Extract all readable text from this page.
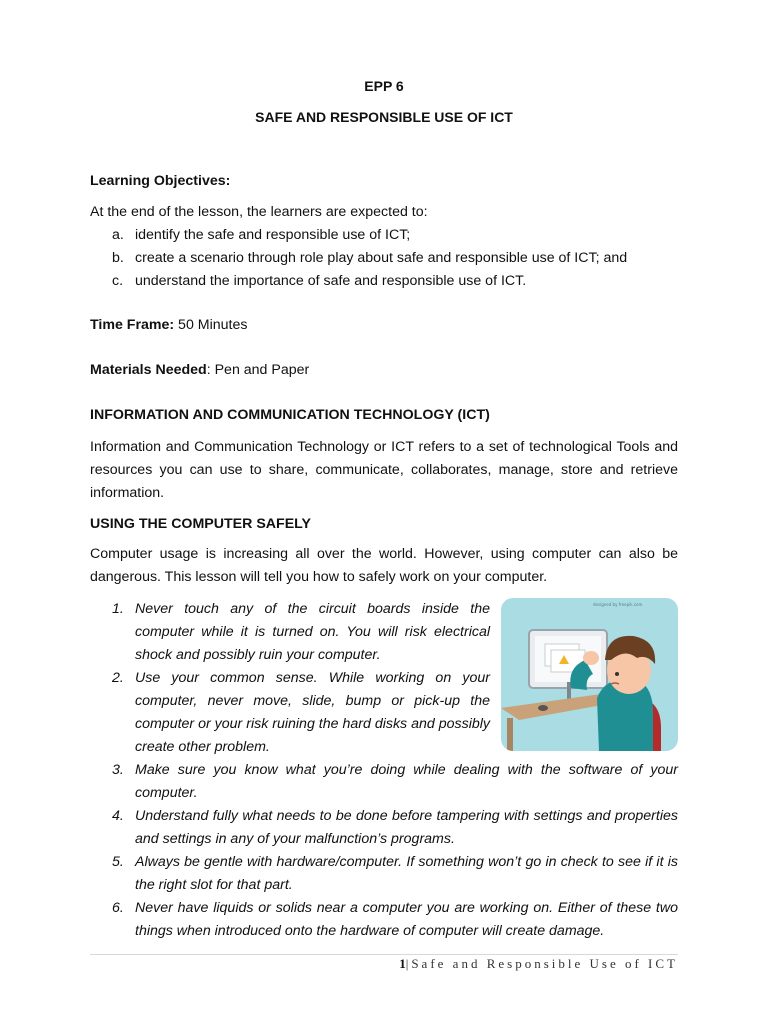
EPP 6
SAFE AND RESPONSIBLE USE OF ICT
Learning Objectives:
At the end of the lesson, the learners are expected to:
a. identify the safe and responsible use of ICT;
b. create a scenario through role play about safe and responsible use of ICT; and
c. understand the importance of safe and responsible use of ICT.
Time Frame: 50 Minutes
Materials Needed: Pen and Paper
INFORMATION AND COMMUNICATION TECHNOLOGY (ICT)
Information and Communication Technology or ICT refers to a set of technological Tools and resources you can use to share, communicate, collaborates, manage, store and retrieve information.
USING THE COMPUTER SAFELY
Computer usage is increasing all over the world. However, using computer can also be dangerous. This lesson will tell you how to safely work on your computer.
1. Never touch any of the circuit boards inside the computer while it is turned on. You will risk electrical shock and possibly ruin your computer.
2. Use your common sense. While working on your computer, never move, slide, bump or pick-up the computer or your risk ruining the hard disks and possibly create other problem.
3. Make sure you know what you’re doing while dealing with the software of your computer.
4. Understand fully what needs to be done before tampering with settings and properties and settings in any of your malfunction’s programs.
5. Always be gentle with hardware/computer. If something won’t go in check to see if it is the right slot for that part.
6. Never have liquids or solids near a computer you are working on. Either of these two things when introduced onto the hardware of computer will create damage.
designed by freepik.com
1|Safe and Responsible Use of ICT
